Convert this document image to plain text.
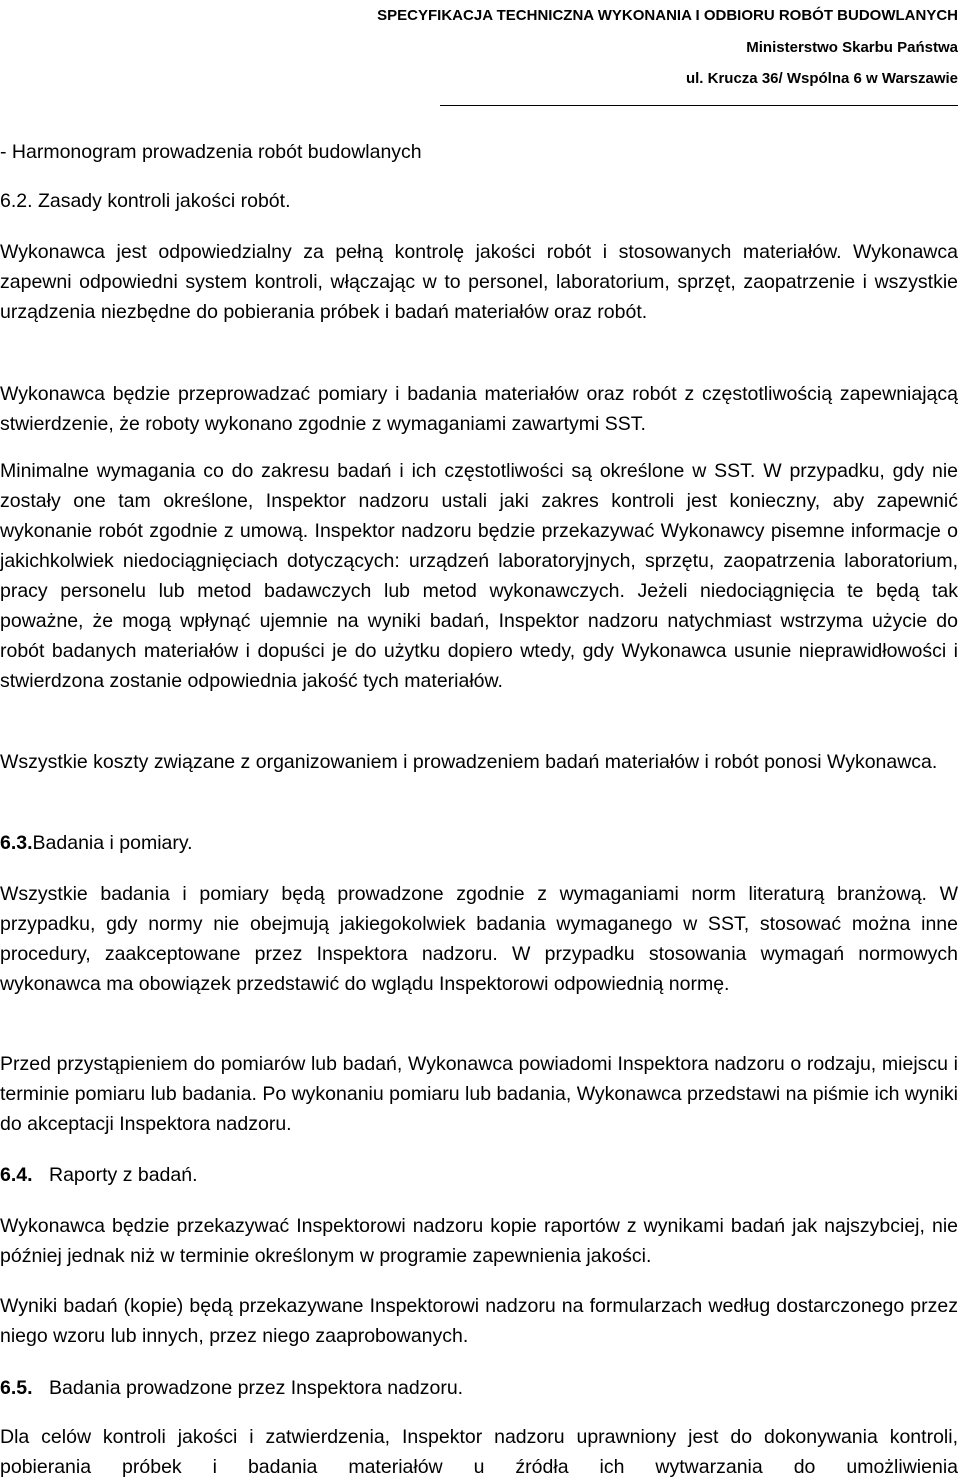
SPECYFIKACJA TECHNICZNA WYKONANIA I ODBIORU ROBÓT BUDOWLANYCH
Ministerstwo Skarbu Państwa
ul. Krucza 36/ Wspólna 6 w Warszawie

- Harmonogram prowadzenia robót budowlanych

6.2. Zasady kontroli jakości robót.

Wykonawca jest odpowiedzialny za pełną kontrolę jakości robót i stosowanych materiałów. Wykonawca zapewni odpowiedni system kontroli, włączając w to personel, laboratorium, sprzęt, zaopatrzenie i wszystkie urządzenia niezbędne do pobierania próbek i badań materiałów oraz robót.

Wykonawca będzie przeprowadzać pomiary i badania materiałów oraz robót z częstotliwością zapewniającą stwierdzenie, że roboty wykonano zgodnie z wymaganiami zawartymi SST.

Minimalne wymagania co do zakresu badań i ich częstotliwości są określone w SST. W przypadku, gdy nie zostały one tam określone, Inspektor nadzoru ustali jaki zakres kontroli jest konieczny, aby zapewnić wykonanie robót zgodnie z umową. Inspektor nadzoru będzie przekazywać Wykonawcy pisemne informacje o jakichkolwiek niedociągnięciach dotyczących: urządzeń laboratoryjnych, sprzętu, zaopatrzenia laboratorium, pracy personelu lub metod badawczych lub metod wykonawczych. Jeżeli niedociągnięcia te będą tak poważne, że mogą wpłynąć ujemnie na wyniki badań, Inspektor nadzoru natychmiast wstrzyma użycie do robót badanych materiałów i dopuści je do użytku dopiero wtedy, gdy Wykonawca usunie nieprawidłowości i stwierdzona zostanie odpowiednia jakość tych materiałów.

Wszystkie koszty związane z organizowaniem i prowadzeniem badań materiałów i robót ponosi Wykonawca.

6.3.Badania i pomiary.

Wszystkie badania i pomiary będą prowadzone zgodnie z wymaganiami norm literaturą branżową. W przypadku, gdy normy nie obejmują jakiegokolwiek badania wymaganego w SST, stosować można inne procedury, zaakceptowane przez Inspektora nadzoru. W przypadku stosowania wymagań normowych wykonawca ma obowiązek przedstawić do wglądu Inspektorowi odpowiednią normę.

Przed przystąpieniem do pomiarów lub badań, Wykonawca powiadomi Inspektora nadzoru o rodzaju, miejscu i terminie pomiaru lub badania. Po wykonaniu pomiaru lub badania, Wykonawca przedstawi na piśmie ich wyniki do akceptacji Inspektora nadzoru.

6.4. Raporty z badań.

Wykonawca będzie przekazywać Inspektorowi nadzoru kopie raportów z wynikami badań jak najszybciej, nie później jednak niż w terminie określonym w programie zapewnienia jakości.

Wyniki badań (kopie) będą przekazywane Inspektorowi nadzoru na formularzach według dostarczonego przez niego wzoru lub innych, przez niego zaaprobowanych.

6.5. Badania prowadzone przez Inspektora nadzoru.

Dla celów kontroli jakości i zatwierdzenia, Inspektor nadzoru uprawniony jest do dokonywania kontroli, pobierania próbek i badania materiałów u źródła ich wytwarzania do umożliwienia
